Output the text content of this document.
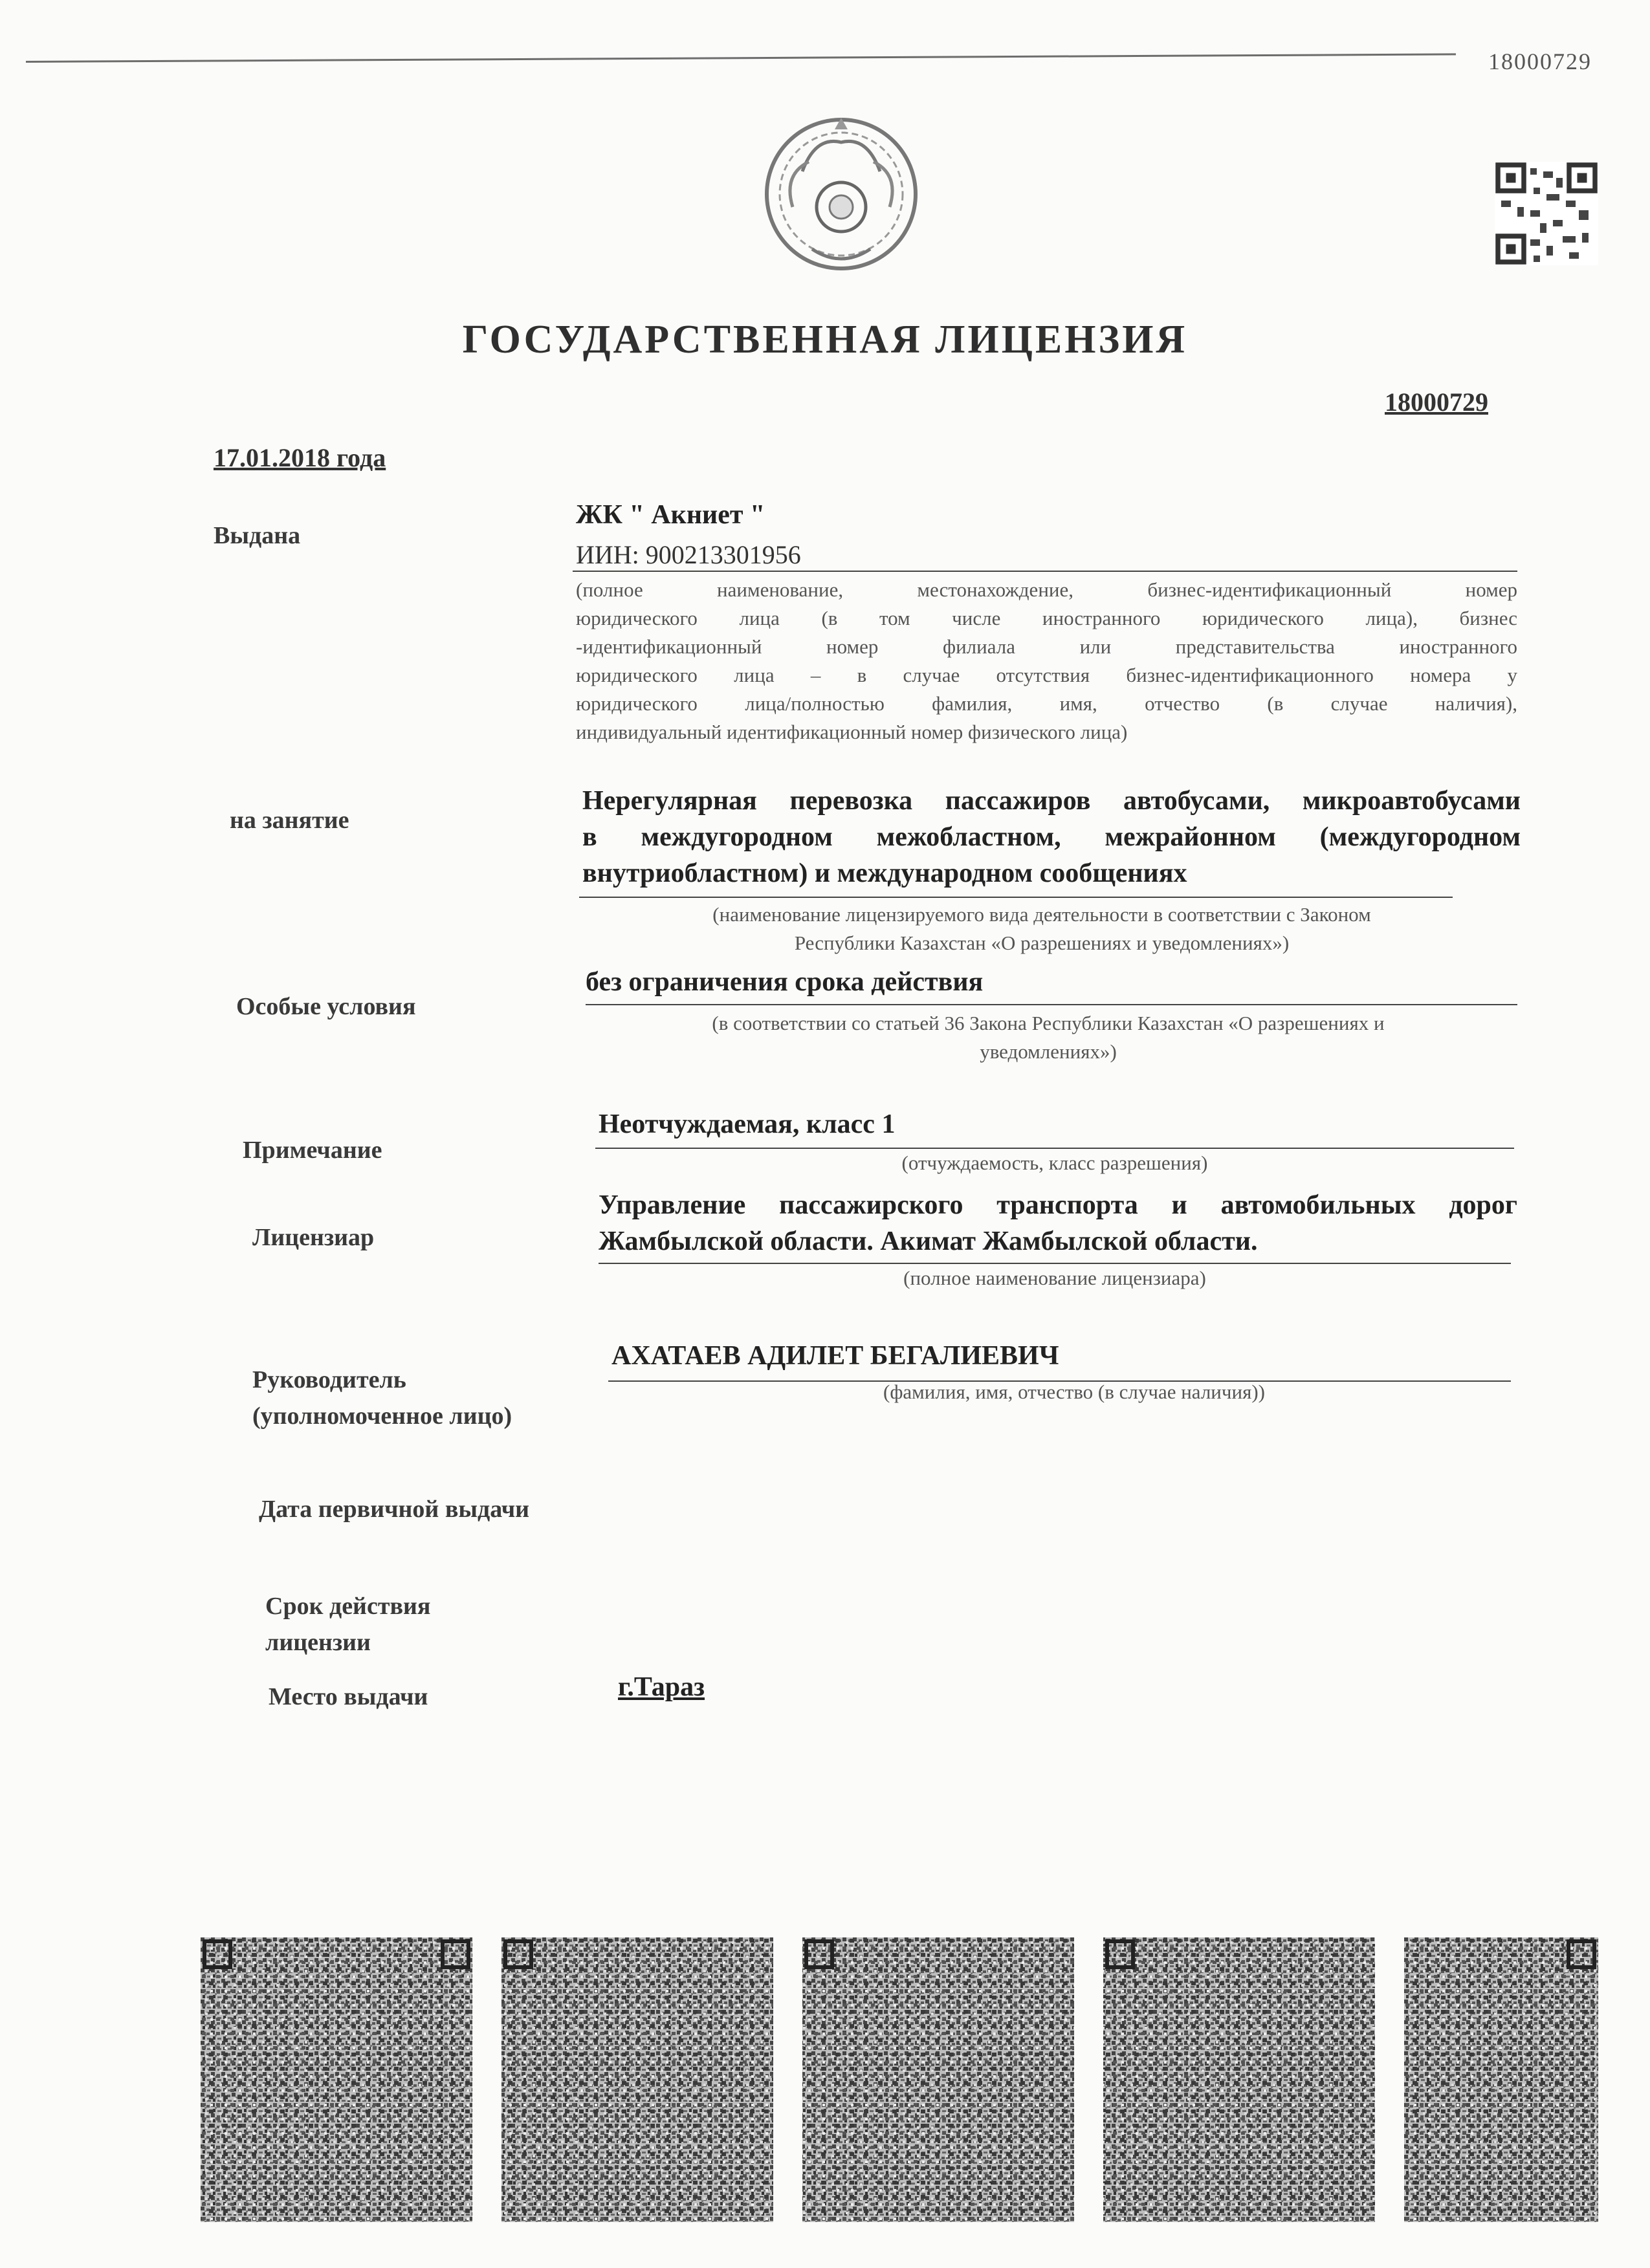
18000729
ГОСУДАРСТВЕННАЯ ЛИЦЕНЗИЯ
18000729
17.01.2018 года
Выдана
ЖК " Акниет "
ИИН: 900213301956
(полное наименование, местонахождение, бизнес-идентификационный номер
юридического лица (в том числе иностранного юридического лица), бизнес
-идентификационный номер филиала или представительства иностранного
юридического лица – в случае отсутствия бизнес-идентификационного номера у
юридического лица/полностью фамилия, имя, отчество (в случае наличия),
индивидуальный идентификационный номер физического лица)
на занятие
Нерегулярная перевозка пассажиров автобусами, микроавтобусами
в междугородном межобластном, межрайонном (междугородном
внутриобластном) и международном сообщениях
(наименование лицензируемого вида деятельности в соответствии с Законом
Республики Казахстан «О разрешениях и уведомлениях»)
Особые условия
без ограничения срока действия
(в соответствии со статьей 36 Закона Республики Казахстан «О разрешениях и
уведомлениях»)
Примечание
Неотчуждаемая, класс 1
(отчуждаемость, класс разрешения)
Лицензиар
Управление пассажирского транспорта и автомобильных дорог
Жамбылской области. Акимат Жамбылской области.
(полное наименование лицензиара)
Руководитель
(уполномоченное лицо)
АХАТАЕВ АДИЛЕТ БЕГАЛИЕВИЧ
(фамилия, имя, отчество (в случае наличия))
Дата первичной выдачи
Срок действия
лицензии
Место выдачи	г.Тараз
